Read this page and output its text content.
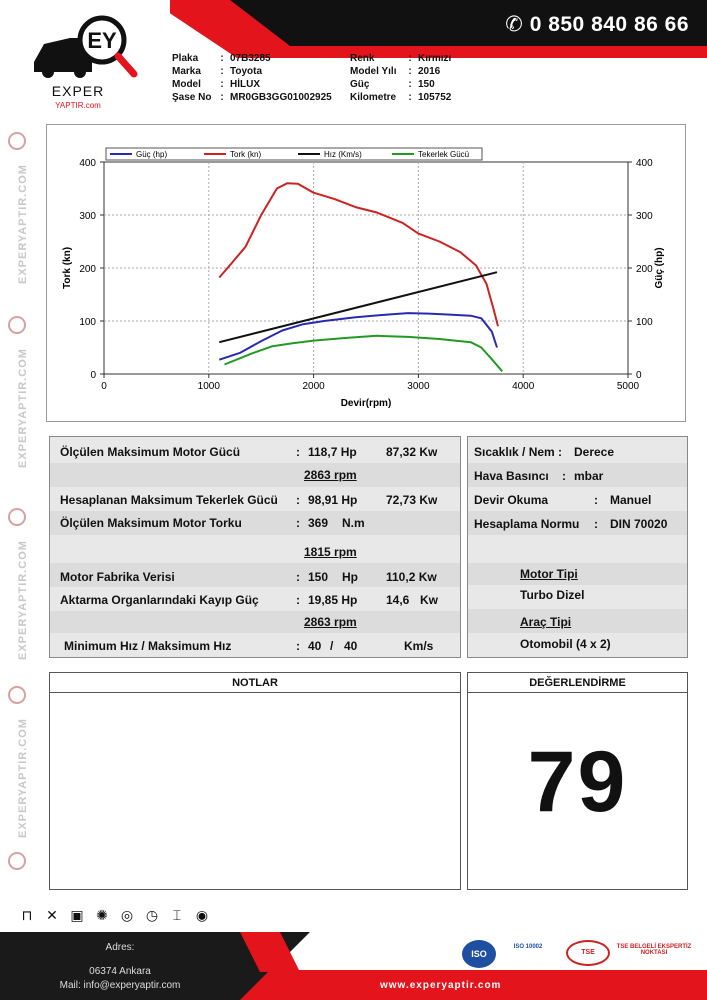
✆ 0 850 840 86 66
EY
EXPER
YAPTIR.com
Plaka	: 07B3285
Marka	: Toyota
Model	: HİLUX
Şase No : MR0GB3GG01002925
Renk	: Kırmızı
Model Yılı	: 2016
Güç	: 150
Kilometre	: 105752
EXPERYAPTIR.COM
EXPERYAPTIR.COM
EXPERYAPTIR.COM
EXPERYAPTIR.COM
0	1000	2000	3000	4000	5000
0	0
100	100
200	200
300	300
400	400
Devir(rpm)
Tork (kn)	Güç (hp)
Güç (hp)	Tork (kn)	Hız (Km/s)	Tekerlek Gücü
Ölçülen Maksimum Motor Gücü	: 118,7 Hp 87,32 Kw
2863 rpm
Hesaplanan Maksimum Tekerlek Gücü : 98,91 Hp 72,73 Kw
Ölçülen Maksimum Motor Torku	: 369 N.m
1815 rpm
Motor Fabrika Verisi	: 150 Hp 110,2 Kw
Aktarma Organlarındaki Kayıp Güç	: 19,85 Hp 14,6 Kw
2863 rpm
Minimum Hız / Maksimum Hız	: 40 / 40	Km/s
Sıcaklık / Nem : Derece
Hava Basıncı : mbar
Devir Okuma	: Manuel
Hesaplama Normu : DIN 70020
Motor Tipi
Turbo Dizel
Araç Tipi
Otomobil (4 x 2)
NOTLAR	DEĞERLENDİRME
79
⊓ ✕ ▣ ✺ ◎ ◷	⌶	◉
Adres:
06374 Ankara
Mail: info@experyaptir.com	www.experyaptir.com
ISO
ISO 10002
TSE
TSE BELGELİ EKSPERTİZ NOKTASI
